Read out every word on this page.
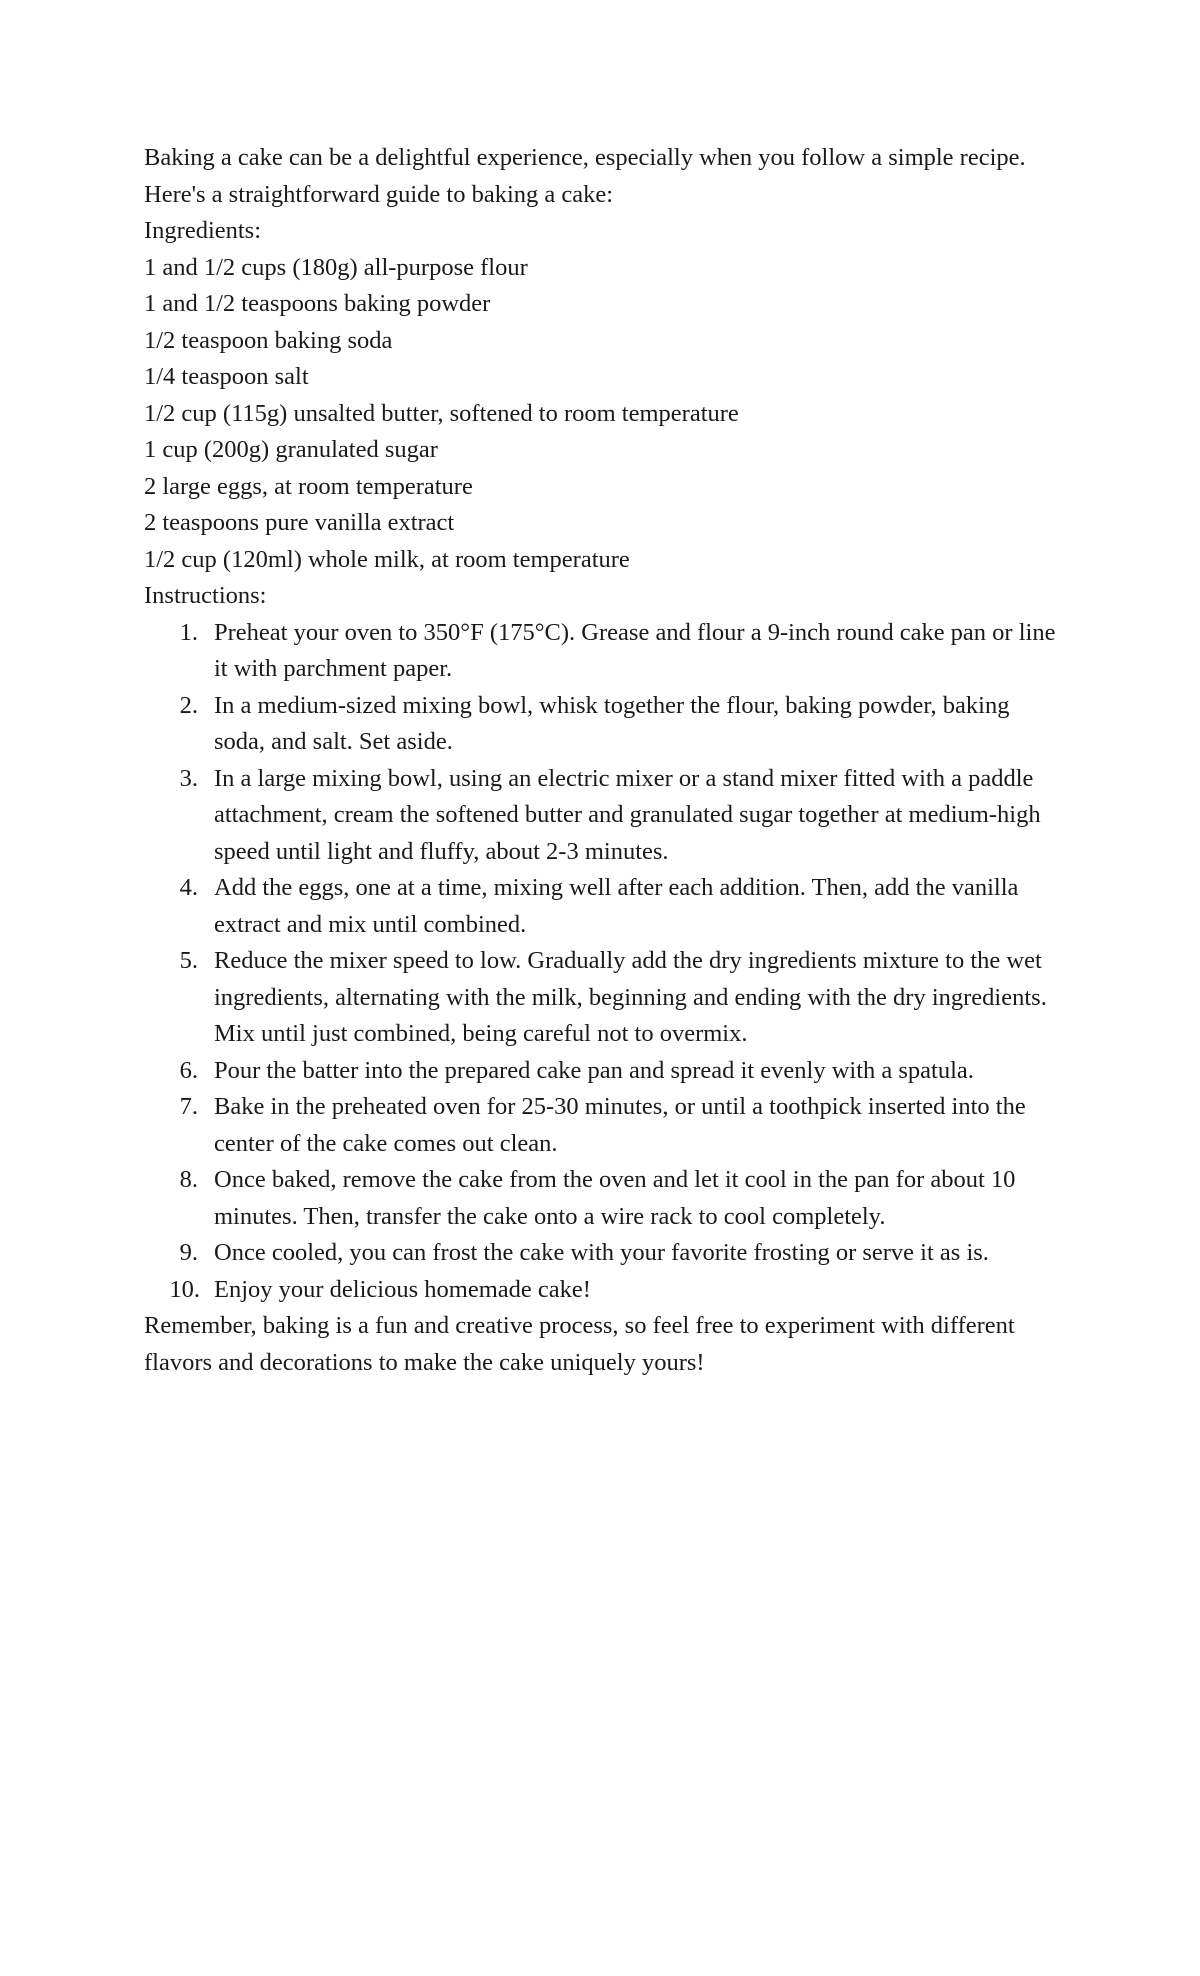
Baking a cake can be a delightful experience, especially when you follow a simple recipe. Here's a straightforward guide to baking a cake:

Ingredients:

1 and 1/2 cups (180g) all-purpose flour
1 and 1/2 teaspoons baking powder
1/2 teaspoon baking soda
1/4 teaspoon salt
1/2 cup (115g) unsalted butter, softened to room temperature
1 cup (200g) granulated sugar
2 large eggs, at room temperature
2 teaspoons pure vanilla extract
1/2 cup (120ml) whole milk, at room temperature

Instructions:

1. Preheat your oven to 350°F (175°C). Grease and flour a 9-inch round cake pan or line it with parchment paper.
2. In a medium-sized mixing bowl, whisk together the flour, baking powder, baking soda, and salt. Set aside.
3. In a large mixing bowl, using an electric mixer or a stand mixer fitted with a paddle attachment, cream the softened butter and granulated sugar together at medium-high speed until light and fluffy, about 2-3 minutes.
4. Add the eggs, one at a time, mixing well after each addition. Then, add the vanilla extract and mix until combined.
5. Reduce the mixer speed to low. Gradually add the dry ingredients mixture to the wet ingredients, alternating with the milk, beginning and ending with the dry ingredients. Mix until just combined, being careful not to overmix.
6. Pour the batter into the prepared cake pan and spread it evenly with a spatula.
7. Bake in the preheated oven for 25-30 minutes, or until a toothpick inserted into the center of the cake comes out clean.
8. Once baked, remove the cake from the oven and let it cool in the pan for about 10 minutes. Then, transfer the cake onto a wire rack to cool completely.
9. Once cooled, you can frost the cake with your favorite frosting or serve it as is.
10. Enjoy your delicious homemade cake!

Remember, baking is a fun and creative process, so feel free to experiment with different flavors and decorations to make the cake uniquely yours!
